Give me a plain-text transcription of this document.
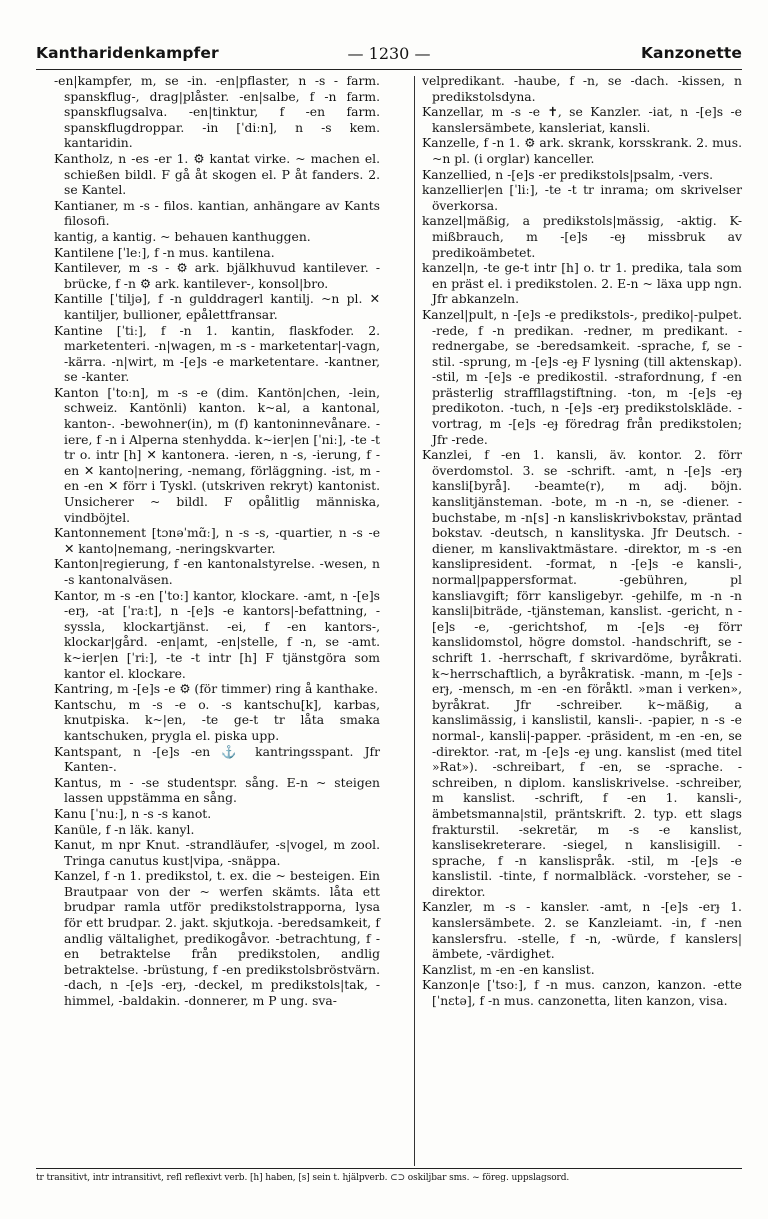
Kantharidenkampfer	— 1230 —	Kanzonette

-en|kampfer, m, se -in. -en|pflaster, n -s - farm. spanskflug-, drag|plåster. -en|salbe, f -n farm. spanskflugsalva. -en|tinktur, f -en farm. spanskflugdroppar. -in [ˈdiːn], n -s kem. kantaridin.

Kantholz, n -es -er 1. ⚙ kantat virke. ~ machen el. schießen bildl. F gå åt skogen el. P åt fanders. 2. se Kantel.

Kantianer, m -s - filos. kantian, anhängare av Kants filosofi.

kantig, a kantig. ~ behauen kanthuggen.

Kantilene [ˈleː], f -n mus. kantilena.

Kantilever, m -s - ⚙ ark. bjälkhuvud kantilever. -brücke, f -n ⚙ ark. kantilever-, konsol|bro.

Kantille [ˈtiljə], f -n gulddragerl kantilj. ~n pl. ✕ kantiljer, bullioner, epålettfransar.

Kantine [ˈtiː], f -n 1. kantin, flaskfoder. 2. marketenteri. -n|wagen, m -s - marketentar|-vagn, -kärra. -n|wirt, m -[e]s -e marketentare. -kantner, se -kanter.

Kanton [ˈtoːn], m -s -e (dim. Kantön|chen, -lein, schweiz. Kantönli) kanton. k~al, a kantonal, kanton-. -bewohner(in), m (f) kantoninnevånare. -iere, f -n i Alperna stenhydda. k~ier|en [ˈniː], -te -t tr o. intr [h] ✕ kantonera. -ieren, n -s, -ierung, f -en ✕ kanto|nering, -nemang, förläggning. -ist, m -en -en ✕ förr i Tyskl. (utskriven rekryt) kantonist. Unsicherer ~ bildl. F opålitlig människa, vindböjtel.

Kantonnement [tɔnəˈmɑ̃ː], n -s -s, -quartier, n -s -e ✕ kanto|nemang, -neringskvarter.

Kanton|regierung, f -en kantonalstyrelse. -wesen, n -s kantonalväsen.

Kantor, m -s -en [ˈtoː] kantor, klockare. -amt, n -[e]s -erɟ, -at [ˈraːt], n -[e]s -e kantors|-befattning, -syssla, klockartjänst. -ei, f -en kantors-, klockar|gård. -en|amt, -en|stelle, f -n, se -amt. k~ier|en [ˈriː], -te -t intr [h] F tjänstgöra som kantor el. klockare.

Kantring, m -[e]s -e ⚙ (för timmer) ring å kanthake.

Kantschu, m -s -e o. -s kantschu[k], karbas, knutpiska. k~|en, -te ge-t tr låta smaka kantschuken, prygla el. piska upp.

Kantspant, n -[e]s -en ⚓ kantringsspant. Jfr Kanten-.

Kantus, m - -se studentspr. sång. E-n ~ steigen lassen uppstämma en sång.

Kanu [ˈnuː], n -s -s kanot.

Kanüle, f -n läk. kanyl.

Kanut, m npr Knut. -strandläufer, -s|vogel, m zool. Tringa canutus kust|vipa, -snäppa.

Kanzel, f -n 1. predikstol, t. ex. die ~ besteigen. Ein Brautpaar von der ~ werfen skämts. låta ett brudpar ramla utför predikstolstrapporna, lysa för ett brudpar. 2. jakt. skjutkoja. -beredsamkeit, f andlig vältalighet, predikogåvor. -betrachtung, f -en betraktelse från predikstolen, andlig betraktelse. -brüstung, f -en predikstolsbröstvärn. -dach, n -[e]s -erɟ, -deckel, m predikstols|tak, -himmel, -baldakin. -donnerer, m P ung. sva-

velpredikant. -haube, f -n, se -dach. -kissen, n predikstolsdyna.

Kanzellar, m -s -e ✝, se Kanzler. -iat, n -[e]s -e kanslersämbete, kansleriat, kansli.

Kanzelle, f -n 1. ⚙ ark. skrank, korsskrank. 2. mus. ~n pl. (i orglar) kanceller.

Kanzellied, n -[e]s -er predikstols|psalm, -vers.

kanzellier|en [ˈliː], -te -t tr inrama; om skrivelser överkorsa.

kanzel|mäßig, a predikstols|mässig, -aktig. K-mißbrauch, m -[e]s -eɟ missbruk av predikoämbetet.

kanzel|n, -te ge-t intr [h] o. tr 1. predika, tala som en präst el. i predikstolen. 2. E-n ~ läxa upp ngn. Jfr abkanzeln.

Kanzel|pult, n -[e]s -e predikstols-, prediko|-pulpet. -rede, f -n predikan. -redner, m predikant. -rednergabe, se -beredsamkeit. -sprache, f, se -stil. -sprung, m -[e]s -eɟ F lysning (till aktenskap). -stil, m -[e]s -e predikostil. -strafordnung, f -en prästerlig straffllagstiftning. -ton, m -[e]s -eɟ predikoton. -tuch, n -[e]s -erɟ predikstolskläde. -vortrag, m -[e]s -eɟ föredrag från predikstolen; Jfr -rede.

Kanzlei, f -en 1. kansli, äv. kontor. 2. förr överdomstol. 3. se -schrift. -amt, n -[e]s -erɟ kansli[byrå]. -beamte(r), m adj. böjn. kanslitjänsteman. -bote, m -n -n, se -diener. -buchstabe, m -n[s] -n kansliskrivbokstav, präntad bokstav. -deutsch, n kanslityska. Jfr Deutsch. -diener, m kanslivaktmästare. -direktor, m -s -en kanslipresident. -format, n -[e]s -e kansli-, normal|pappersformat. -gebühren, pl kansliavgift; förr kansligebyr. -gehilfe, m -n -n kansli|biträde, -tjänsteman, kanslist. -gericht, n -[e]s -e, -gerichtshof, m -[e]s -eɟ förr kanslidomstol, högre domstol. -handschrift, se -schrift 1. -herrschaft, f skrivardöme, byråkrati. k~herrschaftlich, a byråkratisk. -mann, m -[e]s -erɟ, -mensch, m -en -en föråktl. »man i verken», byråkrat. Jfr -schreiber. k~mäßig, a kanslimässig, i kanslistil, kansli-. -papier, n -s -e normal-, kansli|-papper. -präsident, m -en -en, se -direktor. -rat, m -[e]s -eɟ ung. kanslist (med titel »Rat»). -schreibart, f -en, se -sprache. -schreiben, n diplom. kansliskrivelse. -schreiber, m kanslist. -schrift, f -en 1. kansli-, ämbetsmanna|stil, präntskrift. 2. typ. ett slags frakturstil. -sekretär, m -s -e kanslist, kanslisekreterare. -siegel, n kanslisigill. -sprache, f -n kanslispråk. -stil, m -[e]s -e kanslistil. -tinte, f normalbläck. -vorsteher, se -direktor.

Kanzler, m -s - kansler. -amt, n -[e]s -erɟ 1. kanslersämbete. 2. se Kanzleiamt. -in, f -nen kanslersfru. -stelle, f -n, -würde, f kanslers|ämbete, -värdighet.

Kanzlist, m -en -en kanslist.

Kanzon|e [ˈtsoː], f -n mus. canzon, kanzon. -ette [ˈnɛtə], f -n mus. canzonetta, liten kanzon, visa.

tr transitivt, intr intransitivt, refl reflexivt verb. [h] haben, [s] sein t. hjälpverb. ⊂⊃ oskiljbar sms. ~ föreg. uppslagsord.
